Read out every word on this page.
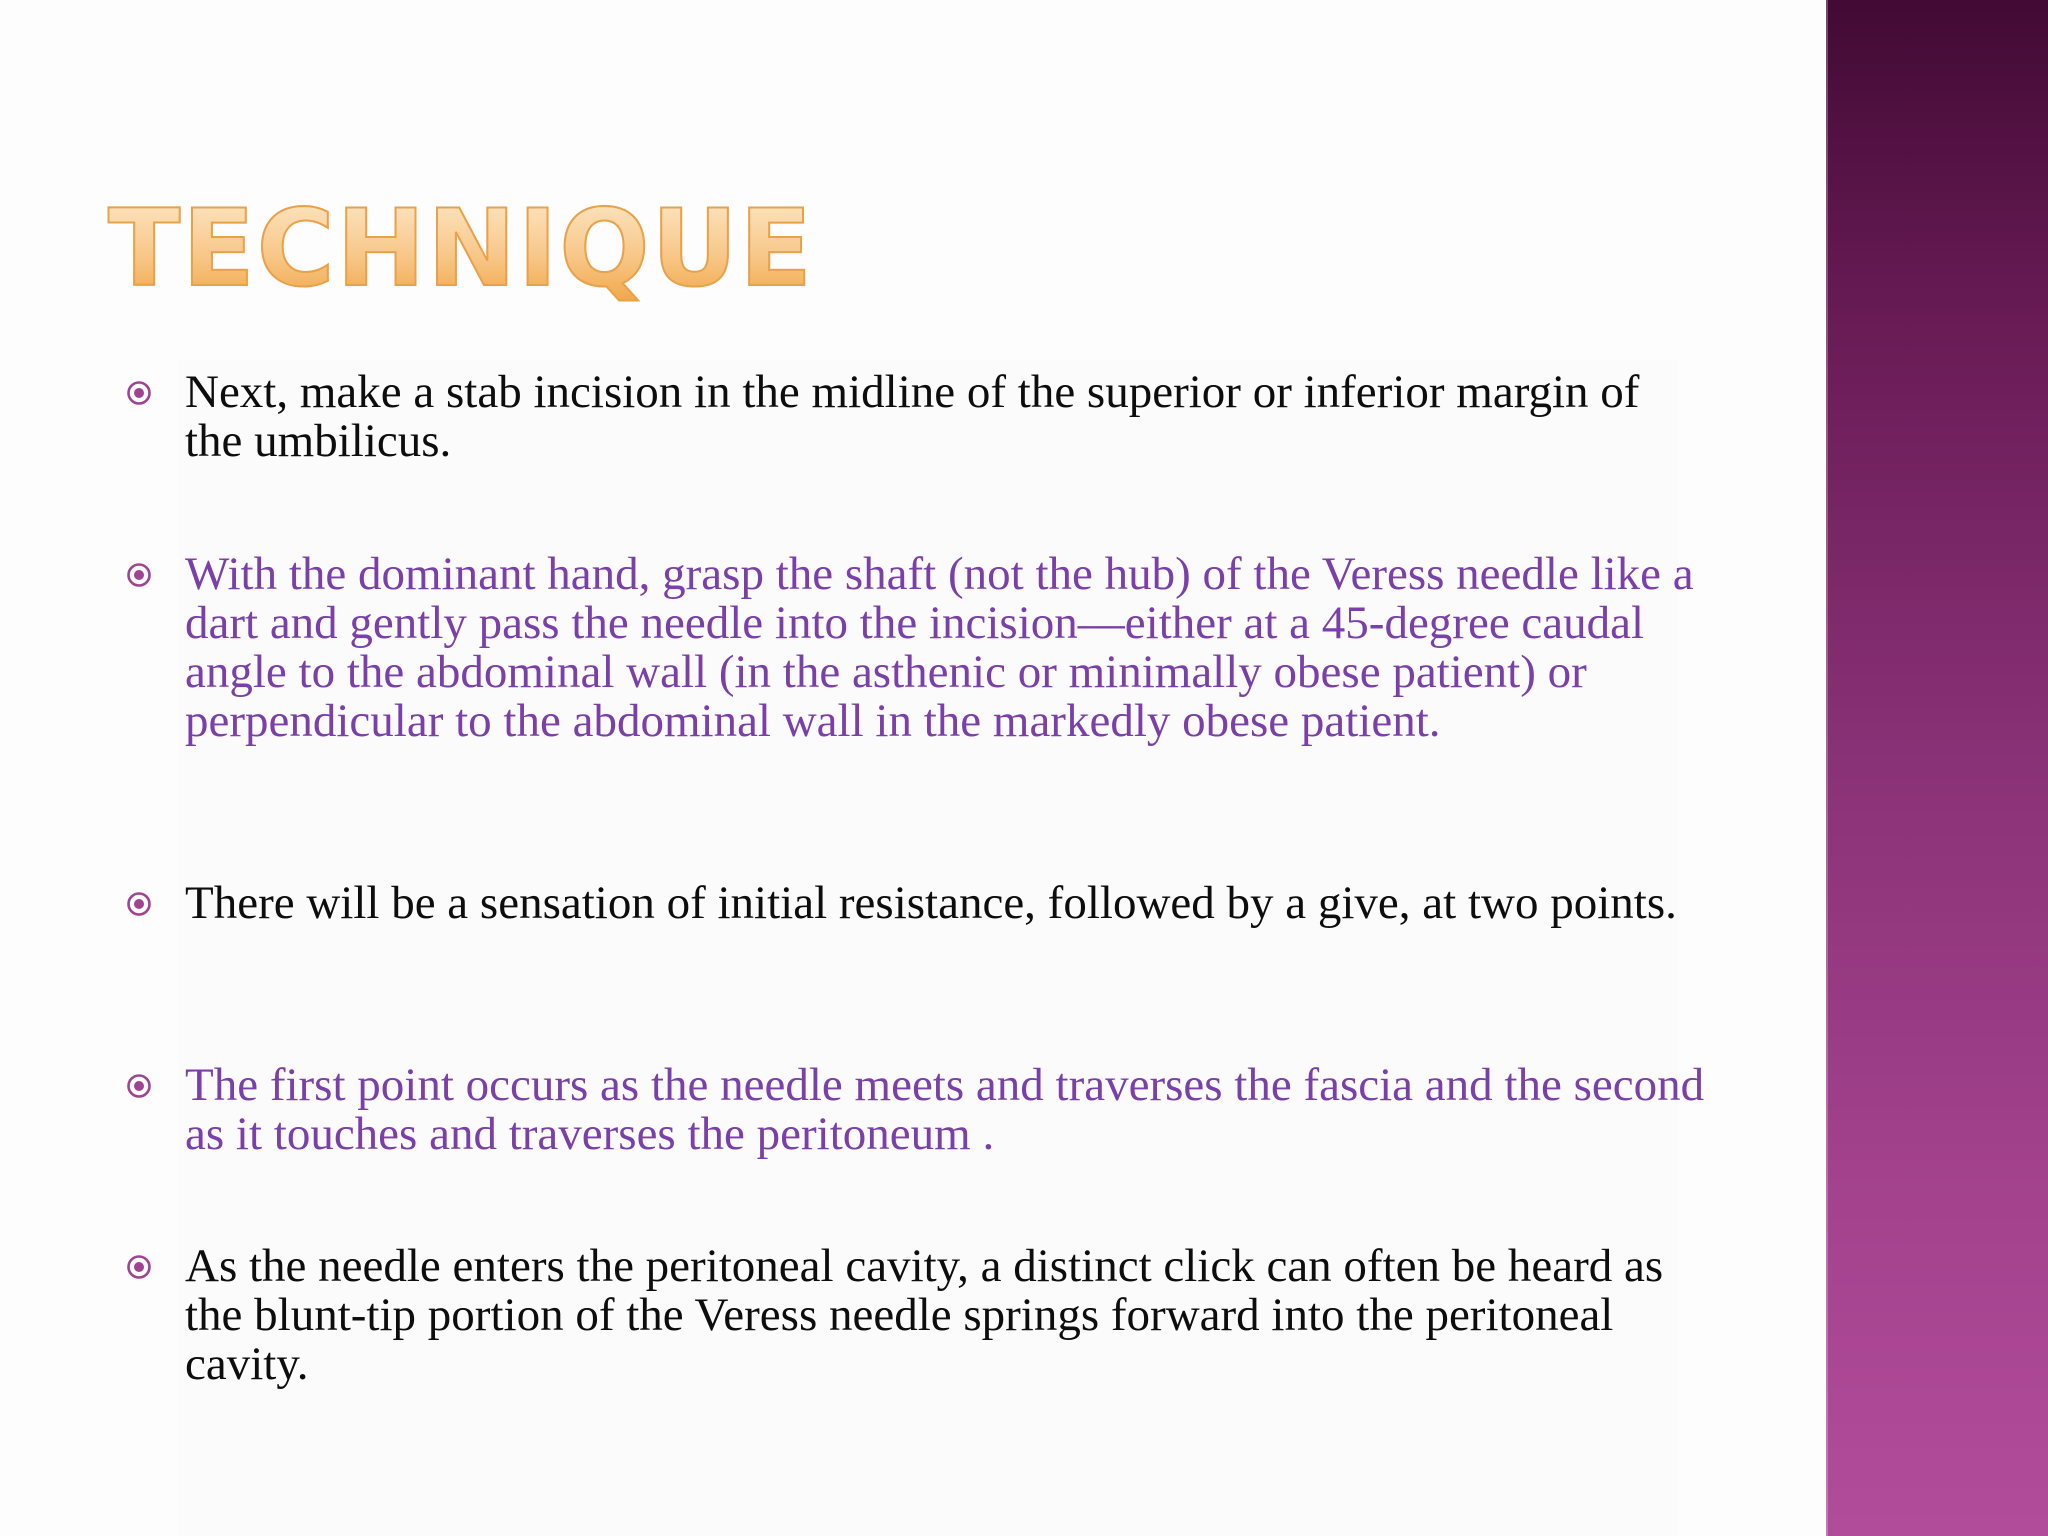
TECHNIQUE

Next, make a stab incision in the midline of the superior or inferior margin of the umbilicus.

With the dominant hand, grasp the shaft (not the hub) of the Veress needle like a dart and gently pass the needle into the incision—either at a 45-degree caudal angle to the abdominal wall (in the asthenic or minimally obese patient) or perpendicular to the abdominal wall in the markedly obese patient.

There will be a sensation of initial resistance, followed by a give, at two points.

The first point occurs as the needle meets and traverses the fascia and the second as it touches and traverses the peritoneum .

As the needle enters the peritoneal cavity, a distinct click can often be heard as the blunt-tip portion of the Veress needle springs forward into the peritoneal cavity.
